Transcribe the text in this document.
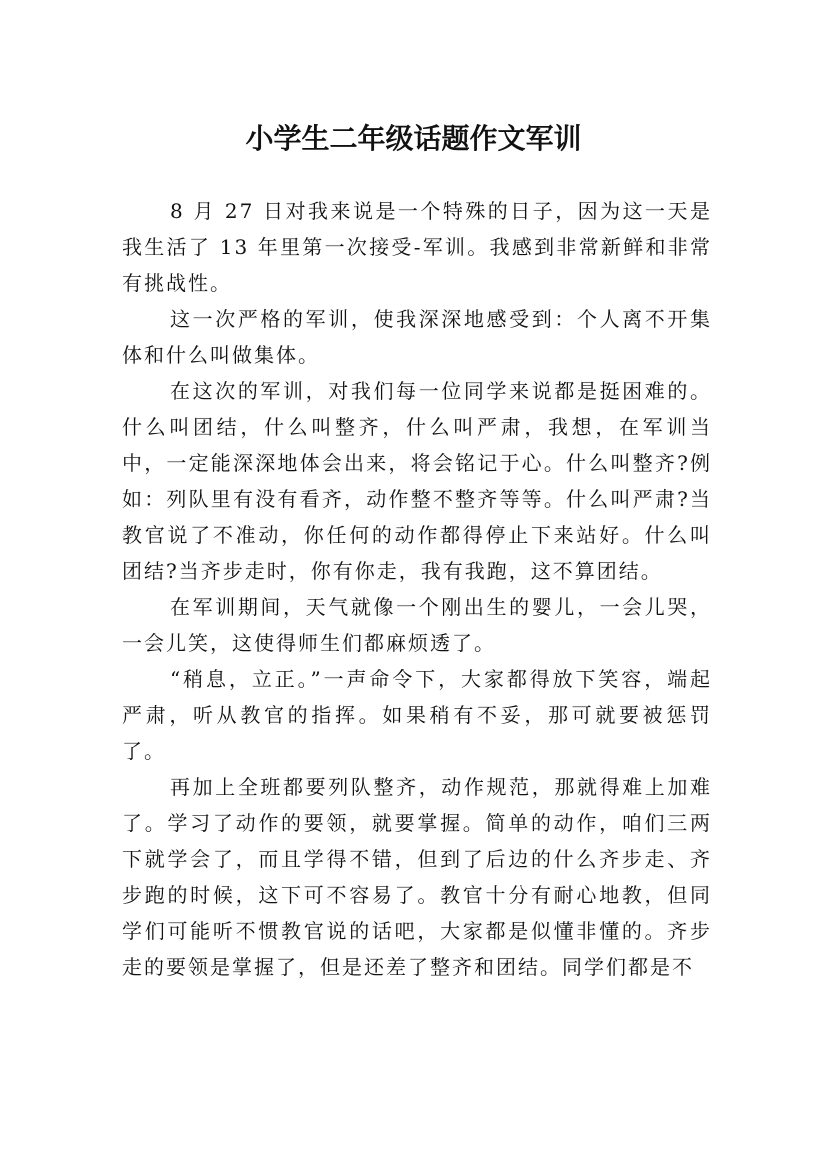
小学生二年级话题作文军训

8 月 27 日对我来说是一个特殊的日子，因为这一天是我生活了 13 年里第一次接受-军训。我感到非常新鲜和非常有挑战性。

这一次严格的军训，使我深深地感受到：个人离不开集体和什么叫做集体。

在这次的军训，对我们每一位同学来说都是挺困难的。什么叫团结，什么叫整齐，什么叫严肃，我想，在军训当中，一定能深深地体会出来，将会铭记于心。什么叫整齐?例如：列队里有没有看齐，动作整不整齐等等。什么叫严肃?当教官说了不准动，你任何的动作都得停止下来站好。什么叫团结?当齐步走时，你有你走，我有我跑，这不算团结。

在军训期间，天气就像一个刚出生的婴儿，一会儿哭，一会儿笑，这使得师生们都麻烦透了。

“稍息，立正。”一声命令下，大家都得放下笑容，端起严肃，听从教官的指挥。如果稍有不妥，那可就要被惩罚了。

再加上全班都要列队整齐，动作规范，那就得难上加难了。学习了动作的要领，就要掌握。简单的动作，咱们三两下就学会了，而且学得不错，但到了后边的什么齐步走、齐步跑的时候，这下可不容易了。教官十分有耐心地教，但同学们可能听不惯教官说的话吧，大家都是似懂非懂的。齐步走的要领是掌握了，但是还差了整齐和团结。同学们都是不
